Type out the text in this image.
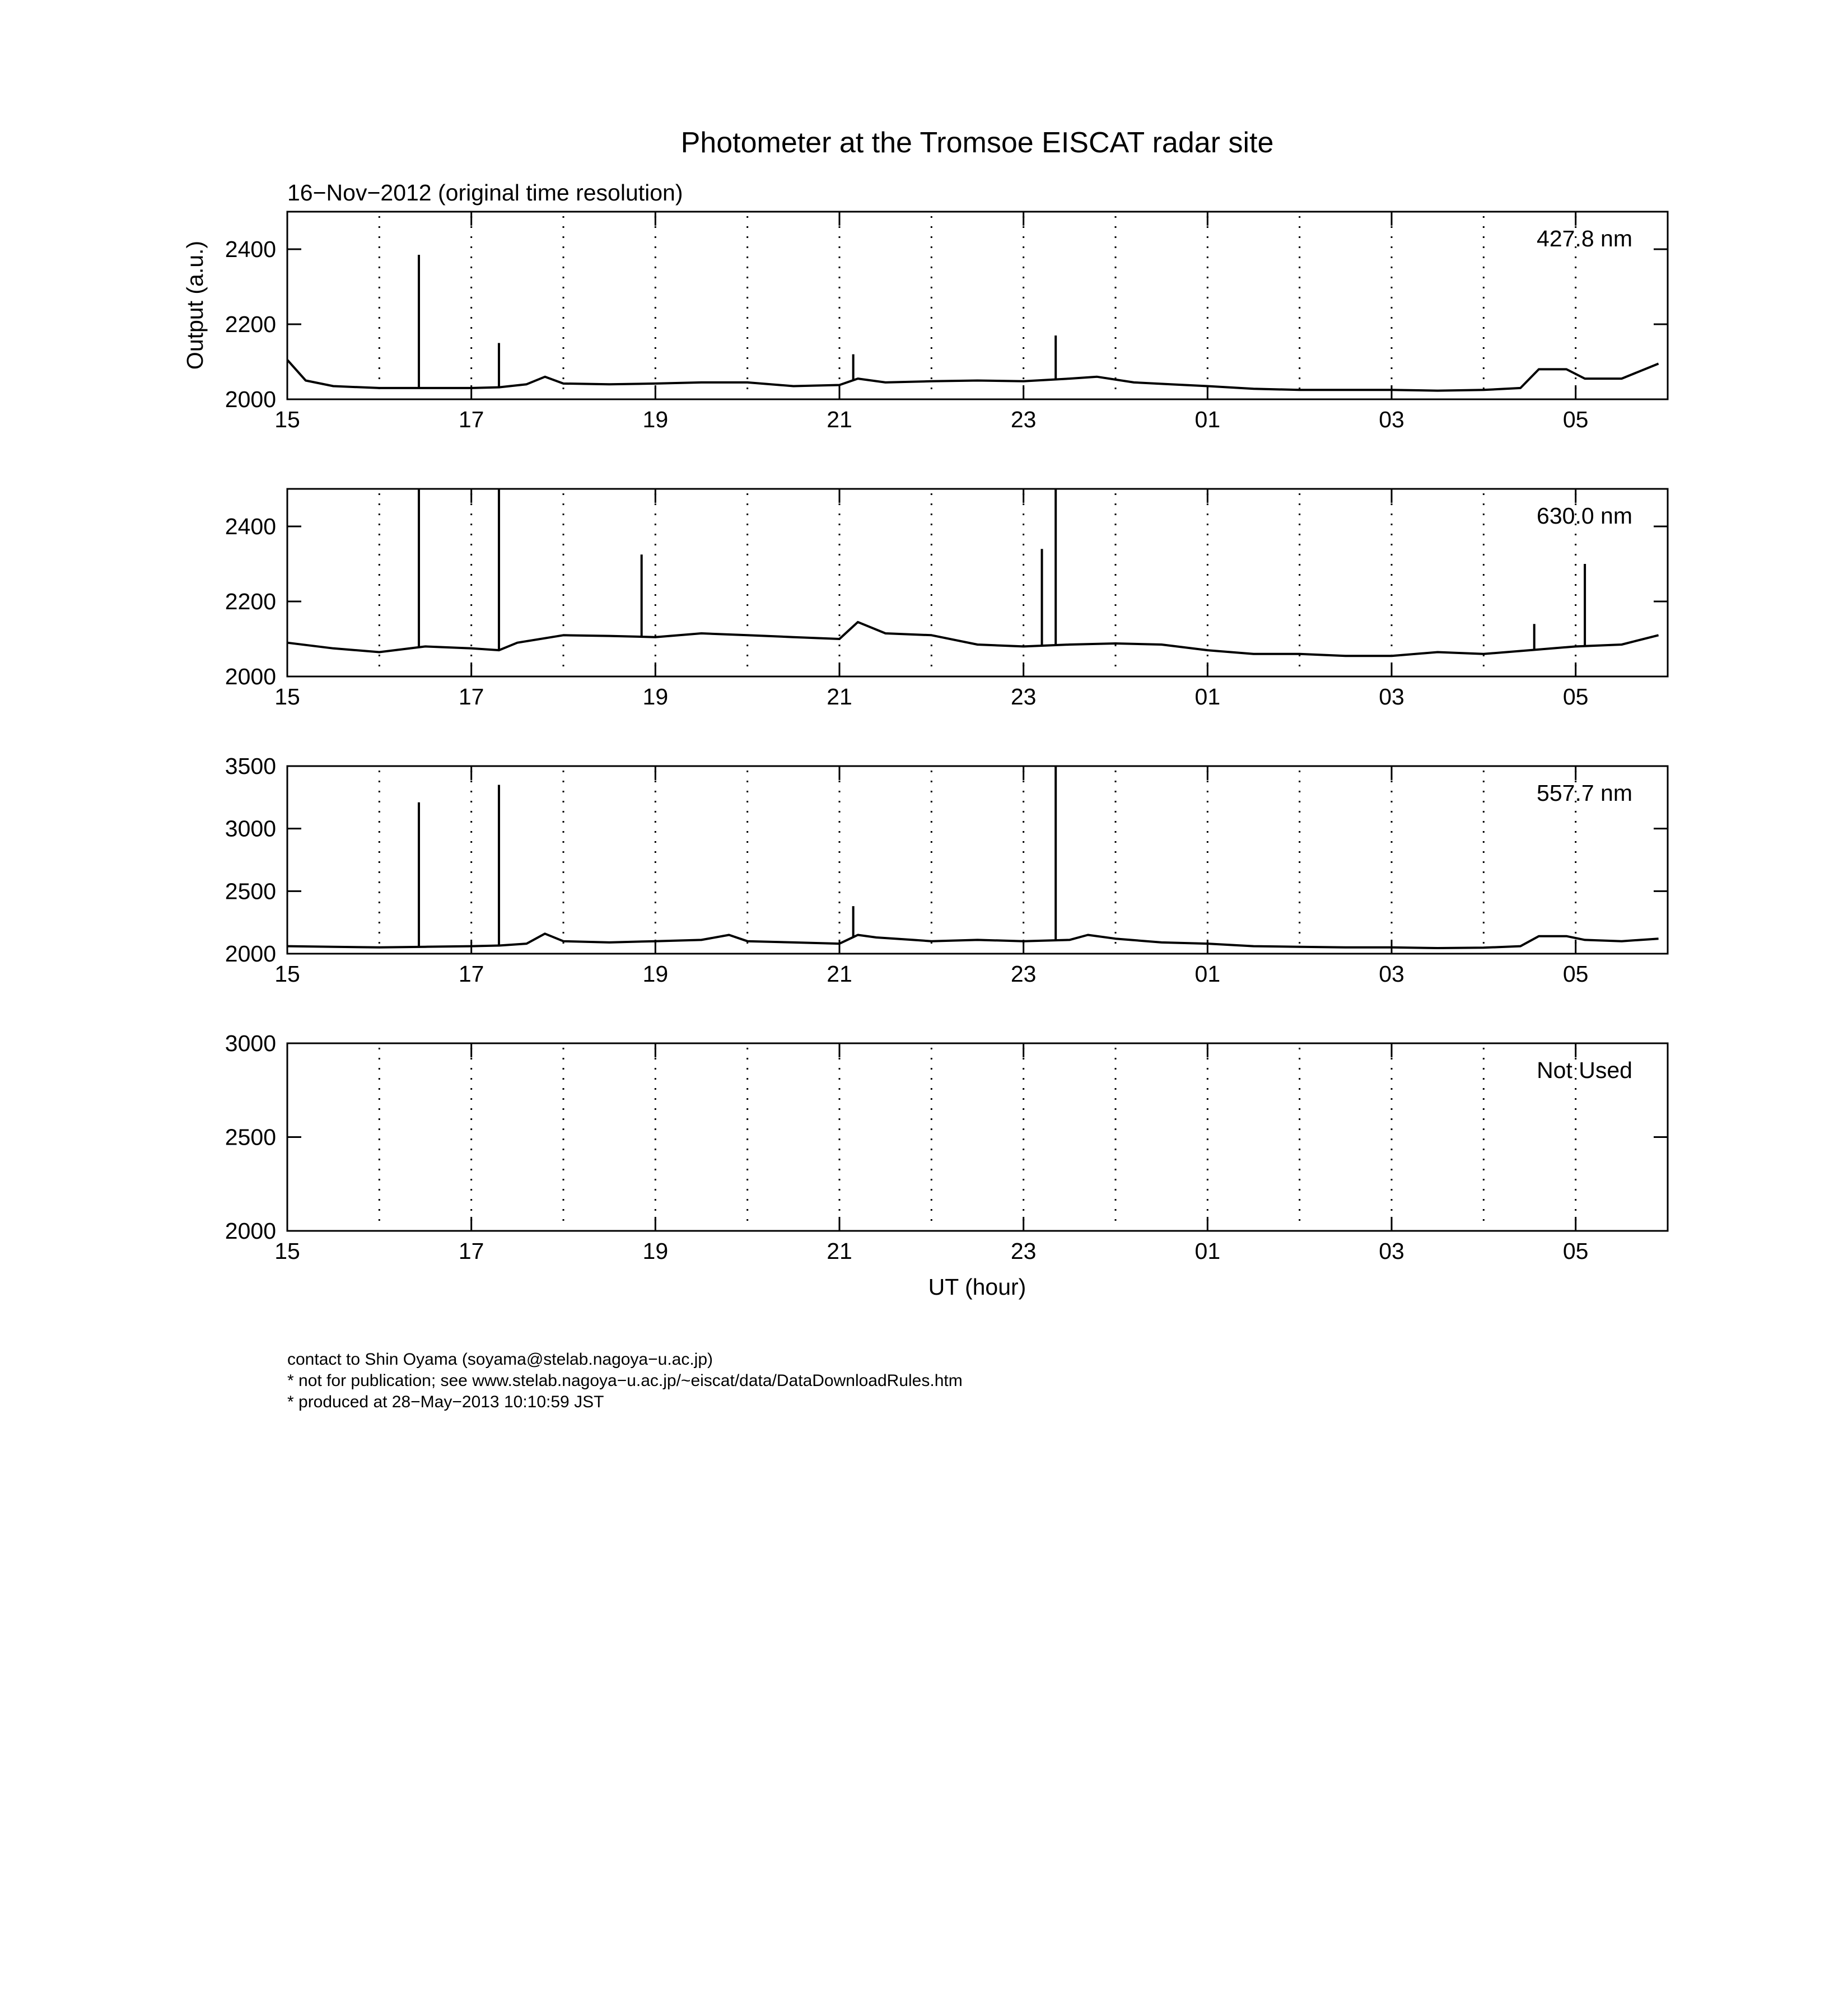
Photometer at the Tromsoe EISCAT radar site
16−Nov−2012 (original time resolution)
Output (a.u.)
UT (hour)
2000
2200
2400
15	17	19	21	23	01	03	05
427.8 nm
2000
2200
2400
15	17	19	21	23	01	03	05
630.0 nm
2000
2500
3000
3500
15	17	19	21	23	01	03	05
557.7 nm
2000
2500
3000
15	17	19	21	23	01	03	05
Not Used
contact to Shin Oyama (soyama@stelab.nagoya−u.ac.jp)
* not for publication; see www.stelab.nagoya−u.ac.jp/~eiscat/data/DataDownloadRules.htm
* produced at 28−May−2013 10:10:59 JST
